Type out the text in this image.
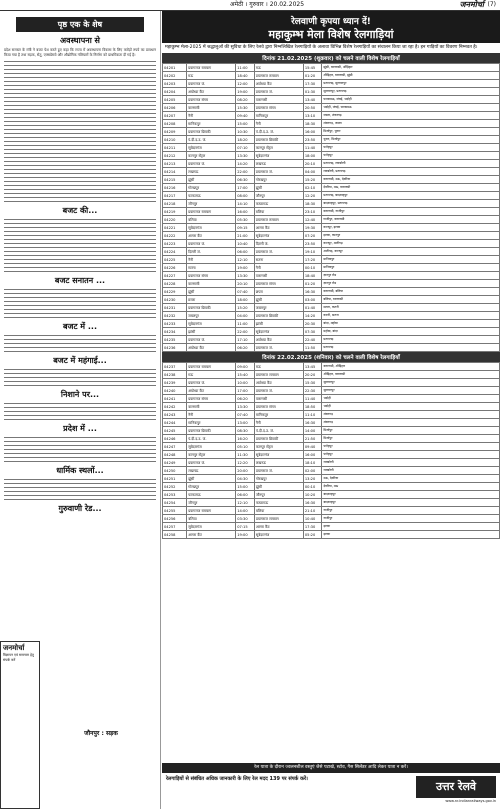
अमेठी । गुरुवार । 20.02.2025	जनमोर्चा (7)
पृष्ठ एक के शेष
अवस्थापना से
प्रदेश सरकार के मंत्री ने बजट पेश करते हुए कहा कि राज्य में अवस्थापना विकास के लिए करोड़ों रुपये का प्रावधान किया गया है तथा सड़क, सेतु, एक्सप्रेसवे और औद्योगिक गलियारों के निर्माण को प्राथमिकता दी गई है।
बजट की...
बजट सनातन ...
बजट में ...
बजट में महंगाई...
निशाने पर...
प्रदेश में ...
धार्मिक स्थलों...
गुरुवाणी रेड...
जनमोर्चा
विज्ञापन एवं समाचार हेतु संपर्क करें
जौनपुर : सड़क
रेलवाणी कृपया ध्यान दें!
महाकुम्भ मेला विशेष रेलगाड़ियां
महाकुम्भ मेला-2025 में श्रद्धालुओं की सुविधा के लिए रेलवे द्वारा निम्नलिखित रेलगाड़ियों के अलावा विभिन्न विशेष रेलगाड़ियों का संचालन किया जा रहा है। इन गाड़ियों का विवरण निम्नवत है।
दिनांक 21.02.2025 (शुक्रवार) को चलने वाली विशेष रेलगाड़ियाँ
04201	प्रयागराज रामबाग	11:00	मऊ	15:45	झूंसी, वाराणसी, औड़िहार
04202	मऊ	18:40	प्रयागराज रामबाग	01:20	औड़िहार, वाराणसी, झूंसी
04203	प्रयागराज जं.	12:00	अयोध्या कैंट	17:30	प्रतापगढ़, सुल्तानपुर
04204	अयोध्या कैंट	19:00	प्रयागराज जं.	01:30	सुल्तानपुर, प्रतापगढ़
04205	प्रयागराज संगम	08:20	वाराणसी	13:40	फाफामऊ, जंघई, भदोही
04206	वाराणसी	15:30	प्रयागराज संगम	20:50	भदोही, जंघई, फाफामऊ
04207	नैनी	09:40	मानिकपुर	13:10	जसरा, शंकरगढ़
04208	मानिकपुर	15:00	नैनी	18:30	शंकरगढ़, जसरा
04209	प्रयागराज छिवकी	10:30	पं.दी.द.उ. जं.	16:00	मिर्जापुर, चुनार
04210	पं.दी.द.उ. जं.	18:20	प्रयागराज छिवकी	23:50	चुनार, मिर्जापुर
04211	सूबेदारगंज	07:10	कानपुर सेंट्रल	11:40	फतेहपुर
04212	कानपुर सेंट्रल	13:30	सूबेदारगंज	18:00	फतेहपुर
04213	प्रयागराज जं.	14:20	लखनऊ	20:10	प्रतापगढ़, रायबरेली
04214	लखनऊ	22:00	प्रयागराज जं.	04:00	रायबरेली, प्रतापगढ़
04215	झूंसी	06:30	गोरखपुर	15:20	वाराणसी, मऊ, देवरिया
04216	गोरखपुर	17:00	झूंसी	02:10	देवरिया, मऊ, वाराणसी
04217	फाफामऊ	08:00	जौनपुर	12:20	प्रतापगढ़, बादशाहपुर
04218	जौनपुर	14:10	फाफामऊ	18:30	बादशाहपुर, प्रतापगढ़
04219	प्रयागराज रामबाग	16:00	बलिया	23:10	वाराणसी, गाजीपुर
04220	बलिया	05:30	प्रयागराज रामबाग	12:40	गाजीपुर, वाराणसी
04221	सूबेदारगंज	09:15	आगरा कैंट	19:30	कानपुर, इटावा
04222	आगरा कैंट	21:00	सूबेदारगंज	07:20	इटावा, कानपुर
04223	प्रयागराज जं.	10:40	दिल्ली जं.	23:50	कानपुर, अलीगढ़
04224	दिल्ली जं.	06:00	प्रयागराज जं.	19:10	अलीगढ़, कानपुर
04225	नैनी	12:10	सतना	17:20	मानिकपुर
04226	सतना	19:00	नैनी	00:10	मानिकपुर
04227	प्रयागराज संगम	13:30	वाराणसी	18:40	ज्ञानपुर रोड
04228	वाराणसी	20:10	प्रयागराज संगम	01:20	ज्ञानपुर रोड
04229	झूंसी	07:40	छपरा	16:30	वाराणसी, बलिया
04230	छपरा	18:00	झूंसी	03:00	बलिया, वाराणसी
04231	प्रयागराज छिवकी	15:20	जबलपुर	01:40	सतना, कटनी
04232	जबलपुर	04:00	प्रयागराज छिवकी	14:20	कटनी, सतना
04233	सूबेदारगंज	11:00	झांसी	20:30	बांदा, महोबा
04234	झांसी	22:00	सूबेदारगंज	07:30	महोबा, बांदा
04235	प्रयागराज जं.	17:10	अयोध्या कैंट	22:40	प्रतापगढ़
04236	अयोध्या कैंट	06:20	प्रयागराज जं.	11:50	प्रतापगढ़
दिनांक 22.02.2025 (शनिवार) को चलने वाली विशेष रेलगाड़ियाँ
04237	प्रयागराज रामबाग	09:00	मऊ	13:45	वाराणसी, औड़िहार
04238	मऊ	15:40	प्रयागराज रामबाग	20:20	औड़िहार, वाराणसी
04239	प्रयागराज जं.	10:00	अयोध्या कैंट	15:30	सुल्तानपुर
04240	अयोध्या कैंट	17:00	प्रयागराज जं.	22:30	सुल्तानपुर
04241	प्रयागराज संगम	06:20	वाराणसी	11:40	भदोही
04242	वाराणसी	13:30	प्रयागराज संगम	18:50	भदोही
04243	नैनी	07:40	मानिकपुर	11:10	शंकरगढ़
04244	मानिकपुर	13:00	नैनी	16:30	शंकरगढ़
04245	प्रयागराज छिवकी	08:30	पं.दी.द.उ. जं.	14:00	मिर्जापुर
04246	पं.दी.द.उ. जं.	16:20	प्रयागराज छिवकी	21:50	मिर्जापुर
04247	सूबेदारगंज	05:10	कानपुर सेंट्रल	09:40	फतेहपुर
04248	कानपुर सेंट्रल	11:30	सूबेदारगंज	16:00	फतेहपुर
04249	प्रयागराज जं.	12:20	लखनऊ	18:10	रायबरेली
04250	लखनऊ	20:00	प्रयागराज जं.	02:00	रायबरेली
04251	झूंसी	04:30	गोरखपुर	13:20	मऊ, देवरिया
04252	गोरखपुर	15:00	झूंसी	00:10	देवरिया, मऊ
04253	फाफामऊ	06:00	जौनपुर	10:20	बादशाहपुर
04254	जौनपुर	12:10	फाफामऊ	16:30	बादशाहपुर
04255	प्रयागराज रामबाग	14:00	बलिया	21:10	गाजीपुर
04256	बलिया	03:30	प्रयागराज रामबाग	10:40	गाजीपुर
04257	सूबेदारगंज	07:15	आगरा कैंट	17:30	इटावा
04258	आगरा कैंट	19:00	सूबेदारगंज	05:20	इटावा
रेल यात्रा के दौरान ज्वलनशील वस्तुएं जैसे पटाखे, स्टोव, गैस सिलेंडर आदि लेकर यात्रा न करें।
रेलगाड़ियों से संबंधित अधिक जानकारी के लिए रेल मदद 139 पर संपर्क करें।
उत्तर रेलवे
www.nr.indianrailways.gov.in
